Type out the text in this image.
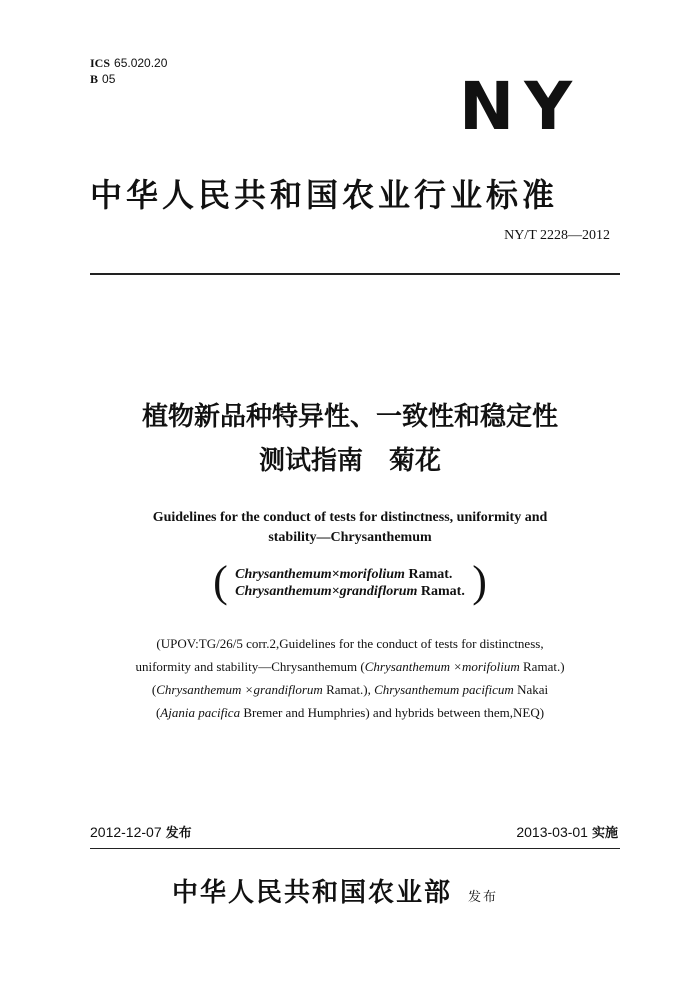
ICS 65.020.20
B 05	NY
中华人民共和国农业行业标准
NY/T 2228—2012
植物新品种特异性、一致性和稳定性
测试指南　菊花
Guidelines for the conduct of tests for distinctness, uniformity and
stability—Chrysanthemum
( Chrysanthemum×morifolium Ramat.
Chrysanthemum×grandiflorum Ramat. )
(UPOV:TG/26/5 corr.2,Guidelines for the conduct of tests for distinctness,
uniformity and stability—Chrysanthemum (Chrysanthemum ×morifolium Ramat.)
(Chrysanthemum ×grandiflorum Ramat.), Chrysanthemum pacificum Nakai
(Ajania pacifica Bremer and Humphries) and hybrids between them,NEQ)
2012-12-07 发布	2013-03-01 实施
中华人民共和国农业部 发布
